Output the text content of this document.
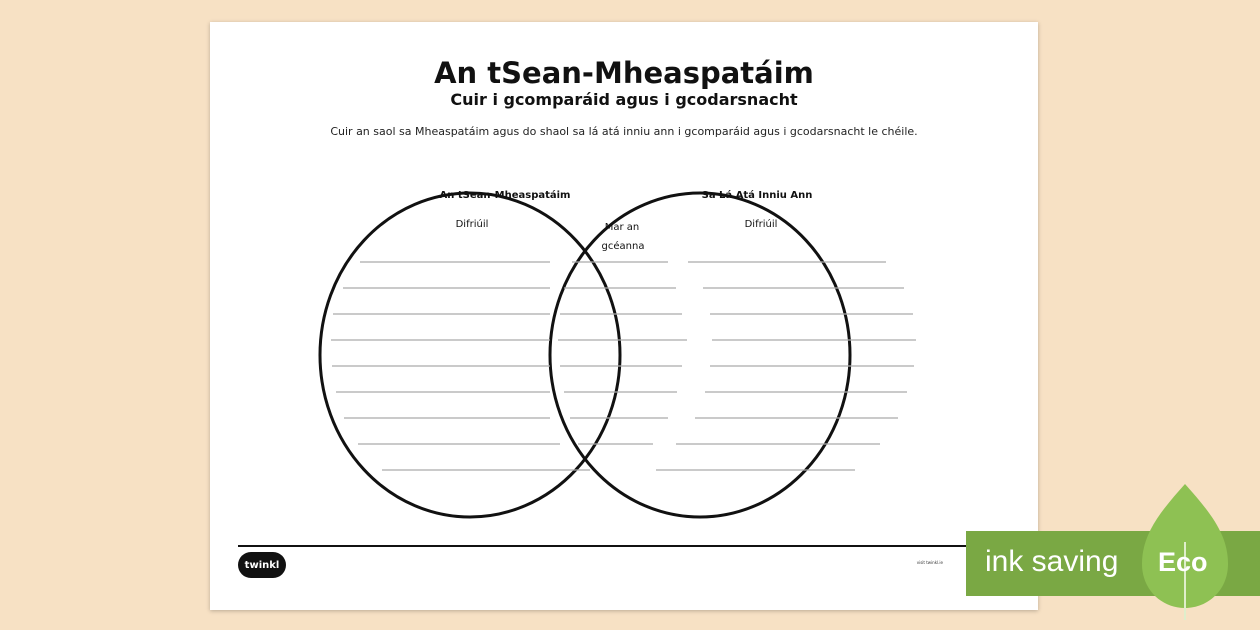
An tSean-Mheaspatáim
Cuir i gcomparáid agus i gcodarsnacht
Cuir an saol sa Mheaspatáim agus do shaol sa lá atá inniu ann i gcomparáid agus i gcodarsnacht le chéile.
An tSean-Mheaspatáim
Difriúil
Sa Lá Atá Inniu Ann
Difriúil
Mar an
gcéanna
twinkl	visit twinkl.ie ink saving Eco
